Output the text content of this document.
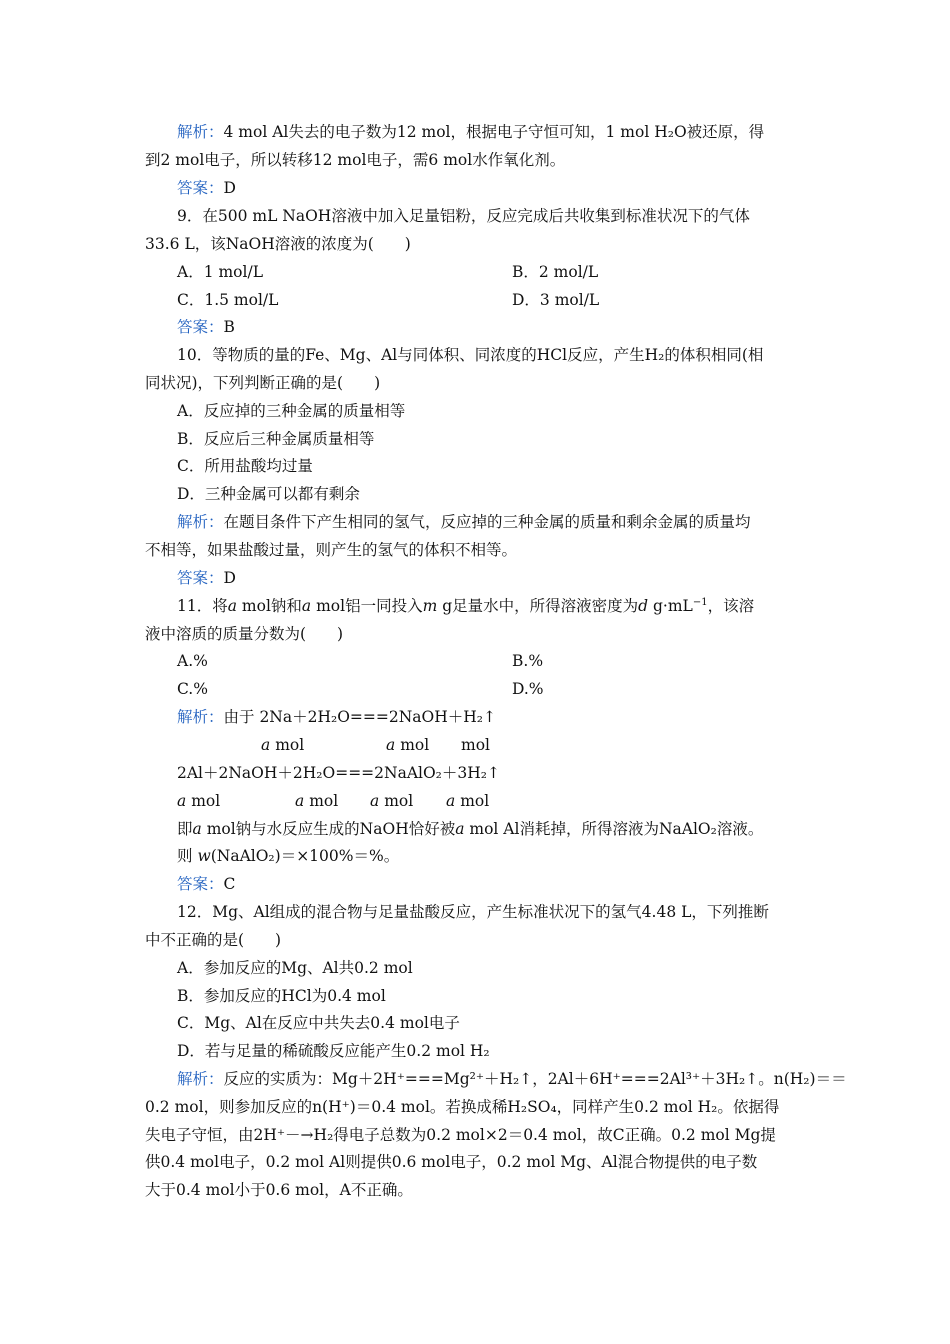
解析：4 mol Al失去的电子数为12 mol，根据电子守恒可知，1 mol H₂O被还原，得
到2 mol电子，所以转移12 mol电子，需6 mol水作氧化剂。
答案：D
9．在500 mL NaOH溶液中加入足量铝粉，反应完成后共收集到标准状况下的气体
33.6 L，该NaOH溶液的浓度为(　　)
A．1 mol/L	B．2 mol/L
C．1.5 mol/L	D．3 mol/L
答案：B
10．等物质的量的Fe、Mg、Al与同体积、同浓度的HCl反应，产生H₂的体积相同(相
同状况)，下列判断正确的是(　　)
A．反应掉的三种金属的质量相等
B．反应后三种金属质量相等
C．所用盐酸均过量
D．三种金属可以都有剩余
解析：在题目条件下产生相同的氢气，反应掉的三种金属的质量和剩余金属的质量均
不相等，如果盐酸过量，则产生的氢气的体积不相等。
答案：D
11．将a mol钠和a mol铝一同投入m g足量水中，所得溶液密度为d $g\cdot mL^{-1}$，该溶
液中溶质的质量分数为(　　)
A.%	B.%
C.%	D.%
解析：由于 2Na＋2H₂O===2NaOH＋H₂↑
a mol	a mol	mol
2Al＋2NaOH＋2H₂O===2NaAlO₂＋3H₂↑
a mol	a mol	a mol	a mol
即a mol钠与水反应生成的NaOH恰好被a mol Al消耗掉，所得溶液为NaAlO₂溶液。
则 w(NaAlO₂)＝×100%＝%。
答案：C
12．Mg、Al组成的混合物与足量盐酸反应，产生标准状况下的氢气4.48 L，下列推断
中不正确的是(　　)
A．参加反应的Mg、Al共0.2 mol
B．参加反应的HCl为0.4 mol
C．Mg、Al在反应中共失去0.4 mol电子
D．若与足量的稀硫酸反应能产生0.2 mol H₂
解析：反应的实质为：Mg＋2H⁺===Mg²⁺＋H₂↑，2Al＋6H⁺===2Al³⁺＋3H₂↑。n(H₂)＝＝
0.2 mol，则参加反应的n(H⁺)＝0.4 mol。若换成稀H₂SO₄，同样产生0.2 mol H₂。依据得
失电子守恒，由2H⁺－→H₂得电子总数为0.2 mol×2＝0.4 mol，故C正确。0.2 mol Mg提
供0.4 mol电子，0.2 mol Al则提供0.6 mol电子，0.2 mol Mg、Al混合物提供的电子数
大于0.4 mol小于0.6 mol，A不正确。
